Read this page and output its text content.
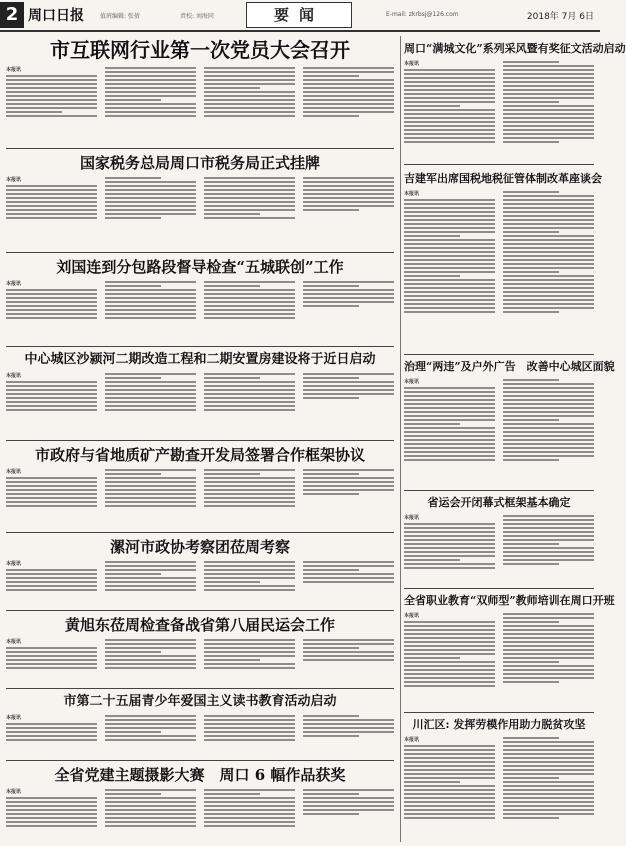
2 周口日报	值班编辑: 张倩	责校: 刘海同	要闻	E-mail: zkrbsj@126.com	2018年 7月 6日
市互联网行业第一次党员大会召开
本报讯
国家税务总局周口市税务局正式挂牌
本报讯
刘国连到分包路段督导检查“五城联创”工作
本报讯
中心城区沙颍河二期改造工程和二期安置房建设将于近日启动
本报讯
市政府与省地质矿产勘查开发局签署合作框架协议
本报讯
漯河市政协考察团莅周考察
本报讯
黄旭东莅周检查备战省第八届民运会工作
本报讯
市第二十五届青少年爱国主义读书教育活动启动
本报讯
全省党建主题摄影大赛　周口 6 幅作品获奖
本报讯
周口“满城文化”系列采风暨有奖征文活动启动
本报讯
吉建军出席国税地税征管体制改革座谈会
本报讯
治理“两违”及户外广告　改善中心城区面貌
本报讯
省运会开闭幕式框架基本确定
本报讯
全省职业教育“双师型”教师培训在周口开班
本报讯
川汇区: 发挥劳模作用助力脱贫攻坚
本报讯
